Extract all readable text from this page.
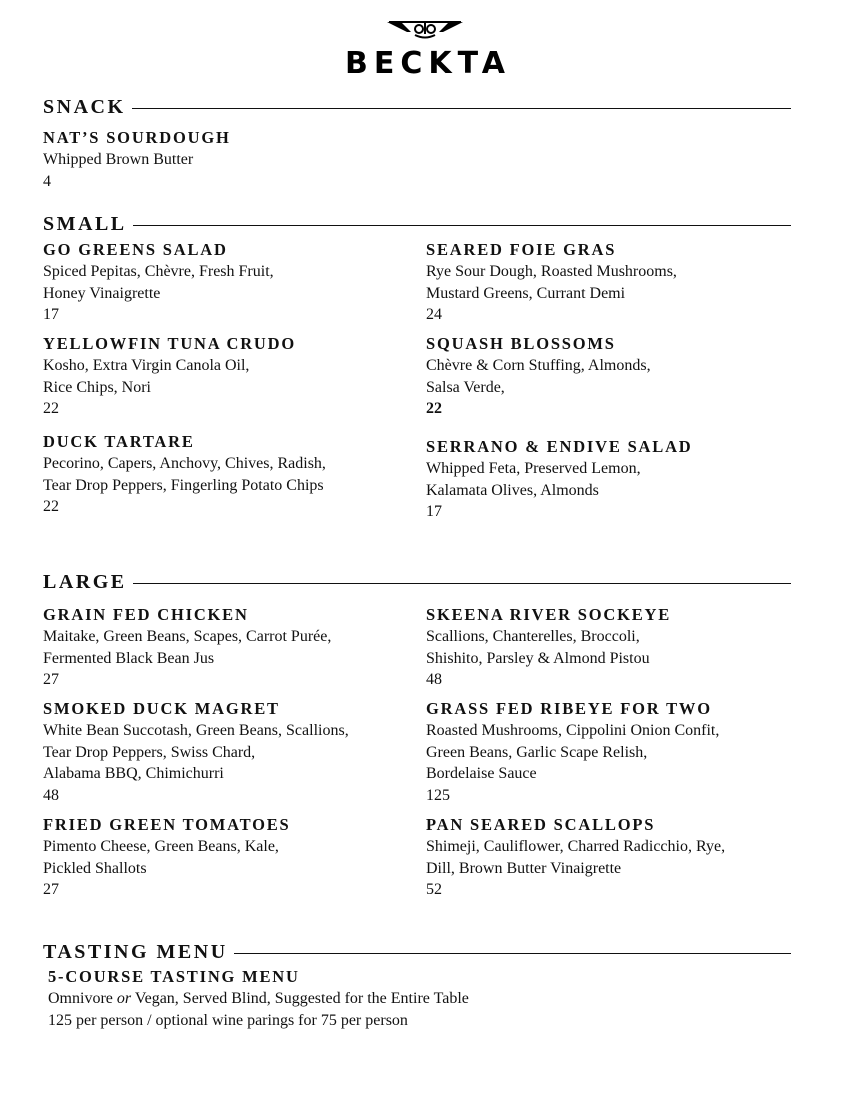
BECKTA
SNACK
NAT’S SOURDOUGH
Whipped Brown Butter
4
SMALL
GO GREENS SALAD
Spiced Pepitas, Chèvre, Fresh Fruit,
Honey Vinaigrette
17
SEARED FOIE GRAS
Rye Sour Dough, Roasted Mushrooms,
Mustard Greens, Currant Demi
24
YELLOWFIN TUNA CRUDO
Kosho, Extra Virgin Canola Oil,
Rice Chips, Nori
22
SQUASH BLOSSOMS
Chèvre & Corn Stuffing, Almonds,
Salsa Verde,
22
DUCK TARTARE
Pecorino, Capers, Anchovy, Chives, Radish,
Tear Drop Peppers, Fingerling Potato Chips
22
SERRANO & ENDIVE SALAD
Whipped Feta, Preserved Lemon,
Kalamata Olives, Almonds
17
LARGE
GRAIN FED CHICKEN
Maitake, Green Beans, Scapes, Carrot Purée,
Fermented Black Bean Jus
27
SKEENA RIVER SOCKEYE
Scallions, Chanterelles, Broccoli,
Shishito, Parsley & Almond Pistou
48
SMOKED DUCK MAGRET
White Bean Succotash, Green Beans, Scallions,
Tear Drop Peppers, Swiss Chard,
Alabama BBQ, Chimichurri
48
GRASS FED RIBEYE FOR TWO
Roasted Mushrooms, Cippolini Onion Confit,
Green Beans, Garlic Scape Relish,
Bordelaise Sauce
125
FRIED GREEN TOMATOES
Pimento Cheese, Green Beans, Kale,
Pickled Shallots
27
PAN SEARED SCALLOPS
Shimeji, Cauliflower, Charred Radicchio, Rye,
Dill, Brown Butter Vinaigrette
52
TASTING MENU
5-COURSE TASTING MENU
Omnivore or Vegan, Served Blind, Suggested for the Entire Table
125 per person / optional wine parings for 75 per person
